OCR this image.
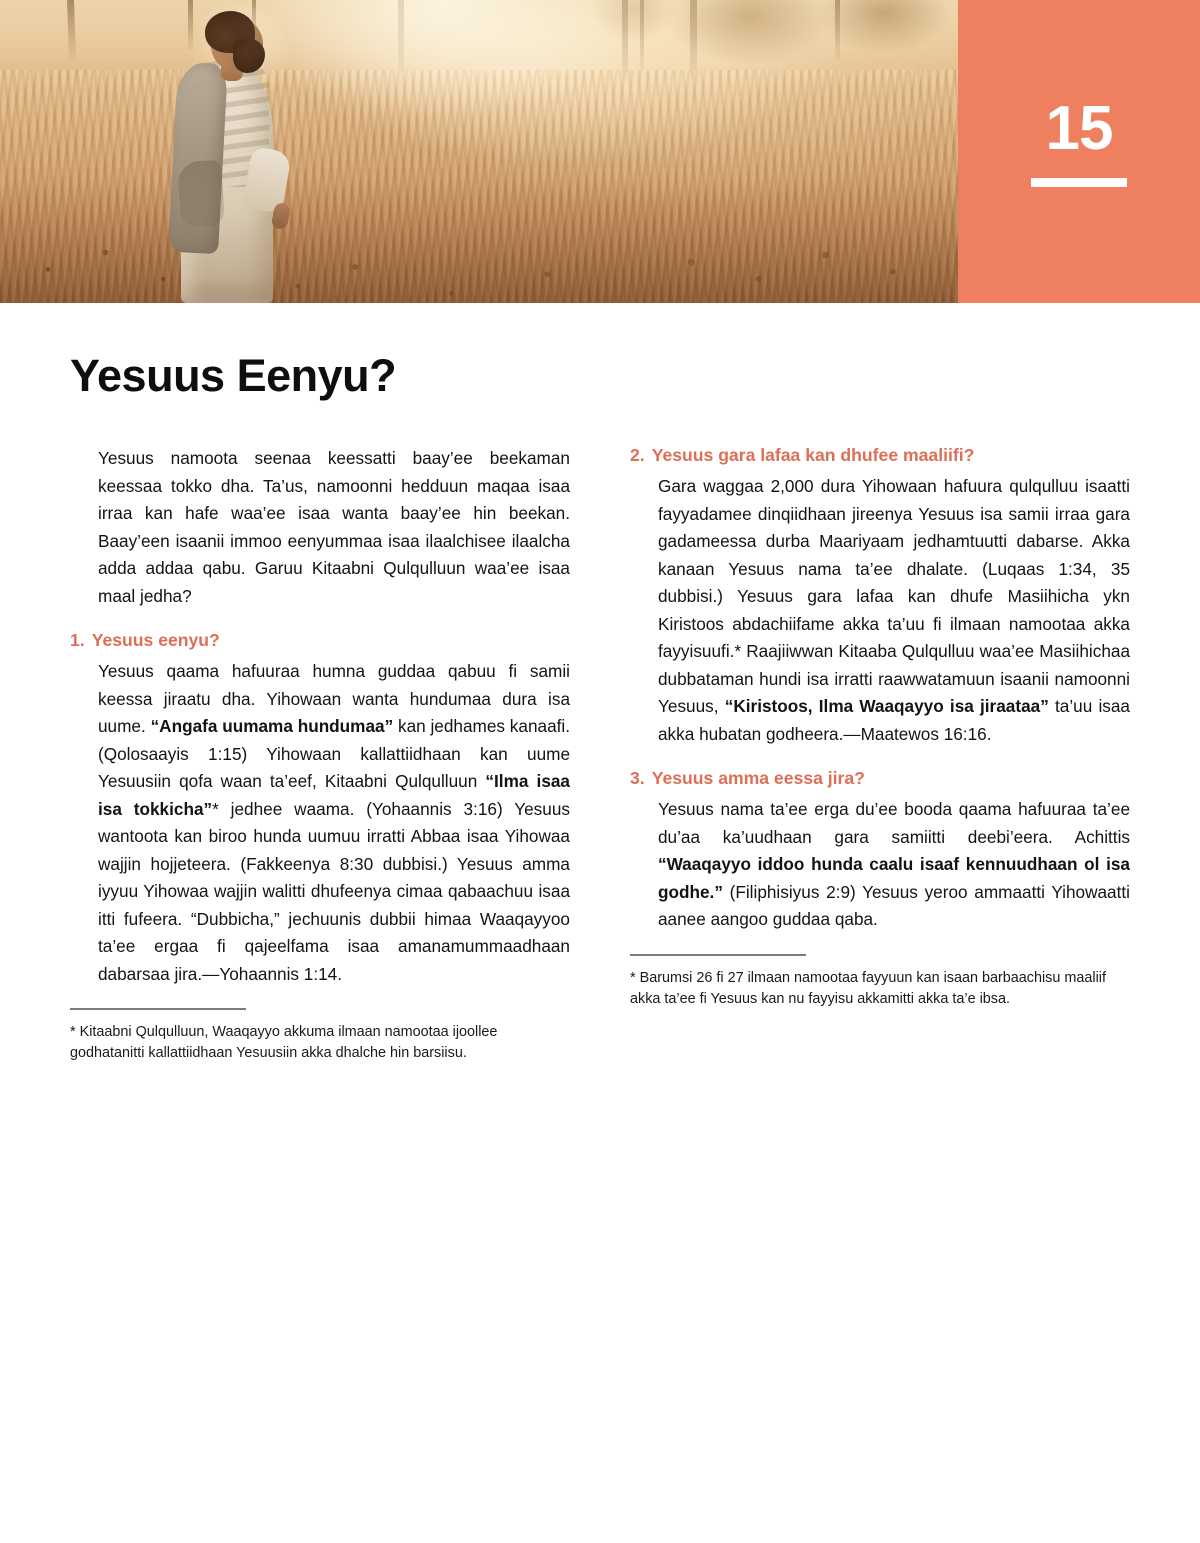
15
Yesuus Eenyu?

Yesuus namoota seenaa keessatti baay’ee beekaman keessaa tokko dha. Ta’us, namoonni hedduun maqaa isaa irraa kan hafe waa’ee isaa wanta baay’ee hin beekan. Baay’een isaanii immoo eenyummaa isaa ilaalchisee ilaalcha adda addaa qabu. Garuu Kitaabni Qulqulluun waa’ee isaa maal jedha?

1. Yesuus eenyu?

Yesuus qaama hafuuraa humna guddaa qabuu fi samii keessa jiraatu dha. Yihowaan wanta hundumaa dura isa uume. “Angafa uumama hundumaa” kan jedhames kanaafi. (Qolosaayis 1:15) Yihowaan kallattiidhaan kan uume Yesuusiin qofa waan ta’eef, Kitaabni Qulqulluun “Ilma isaa isa tokkicha”* jedhee waama. (Yohaannis 3:16) Yesuus wantoota kan biroo hunda uumuu irratti Abbaa isaa Yihowaa wajjin hojjeteera. (Fakkeenya 8:30 dubbisi.) Yesuus amma iyyuu Yihowaa wajjin walitti dhufeenya cimaa qabaachuu isaa itti fufeera. “Dubbicha,” jechuunis dubbii himaa Waaqayyoo ta’ee ergaa fi qajeelfama isaa amanamummaadhaan dabarsaa jira.—Yohaannis 1:14.

* Kitaabni Qulqulluun, Waaqayyo akkuma ilmaan namootaa ijoollee godhatanitti kallattiidhaan Yesuusiin akka dhalche hin barsiisu.

2. Yesuus gara lafaa kan dhufee maaliifi?

Gara waggaa 2,000 dura Yihowaan hafuura qulqulluu isaatti fayyadamee dinqiidhaan jireenya Yesuus isa samii irraa gara gadameessa durba Maariyaam jedhamtuutti dabarse. Akka kanaan Yesuus nama ta’ee dhalate. (Luqaas 1:34, 35 dubbisi.) Yesuus gara lafaa kan dhufe Masiihicha ykn Kiristoos abdachiifame akka ta’uu fi ilmaan namootaa akka fayyisuufi.* Raajiiwwan Kitaaba Qulqulluu waa’ee Masiihichaa dubbataman hundi isa irratti raawwatamuun isaanii namoonni Yesuus, “Kiristoos, Ilma Waaqayyo isa jiraataa” ta’uu isaa akka hubatan godheera.—Maatewos 16:16.

3. Yesuus amma eessa jira?

Yesuus nama ta’ee erga du’ee booda qaama hafuuraa ta’ee du’aa ka’uudhaan gara samiitti deebi’eera. Achittis “Waaqayyo iddoo hunda caalu isaaf kennuudhaan ol isa godhe.” (Filiphisiyus 2:9) Yesuus yeroo ammaatti Yihowaatti aanee aangoo guddaa qaba.

* Barumsi 26 fi 27 ilmaan namootaa fayyuun kan isaan barbaachisu maaliif akka ta’ee fi Yesuus kan nu fayyisu akkamitti akka ta’e ibsa.
